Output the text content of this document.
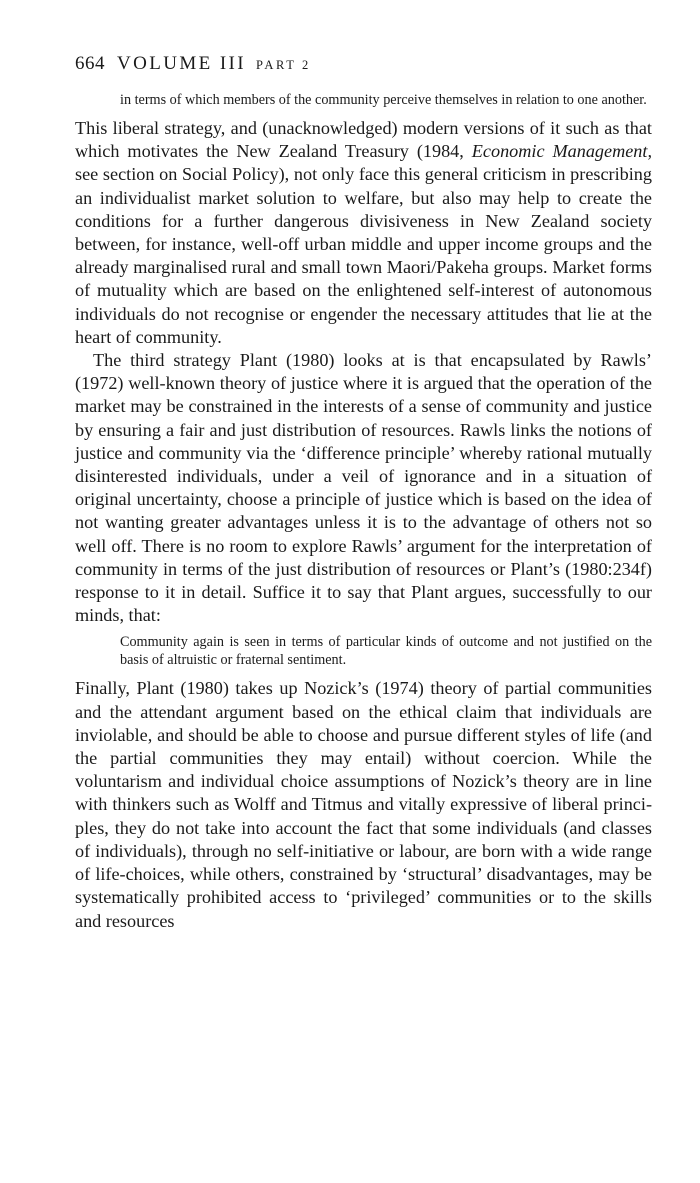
664 VOLUME III PART 2

in terms of which members of the community perceive themselves in relation to one another.

This liberal strategy, and (unacknowledged) modern versions of it such as that which motivates the New Zealand Treasury (1984, Economic Management, see section on Social Policy), not only face this general criticism in prescribing an individualist market solution to welfare, but also may help to create the conditions for a further dangerous divisiveness in New Zealand society between, for instance, well-off urban middle and upper income groups and the already marginalised rural and small town Maori/Pakeha groups. Market forms of mutuality which are based on the enlightened self-interest of autonomous individuals do not recognise or engender the necessary attitudes that lie at the heart of community.

The third strategy Plant (1980) looks at is that encapsulated by Rawls’ (1972) well-known theory of justice where it is argued that the operation of the market may be constrained in the interests of a sense of community and justice by ensuring a fair and just distribution of resources. Rawls links the notions of justice and community via the ‘difference principle’ whereby rational mutually disinterested individuals, under a veil of ignorance and in a situation of original uncertainty, choose a principle of justice which is based on the idea of not wanting greater advantages unless it is to the advantage of others not so well off. There is no room to explore Rawls’ argument for the interpretation of community in terms of the just distribution of resources or Plant’s (1980:234f) response to it in detail. Suffice it to say that Plant argues, successfully to our minds, that:

Community again is seen in terms of particular kinds of outcome and not justified on the basis of altruistic or fraternal sentiment.

Finally, Plant (1980) takes up Nozick’s (1974) theory of partial communities and the attendant argument based on the ethical claim that individuals are inviolable, and should be able to choose and pursue different styles of life (and the partial communities they may entail) without coercion. While the voluntarism and individual choice assumptions of Nozick’s theory are in line with thinkers such as Wolff and Titmus and vitally expressive of liberal principles, they do not take into account the fact that some individuals (and classes of individuals), through no self-initiative or labour, are born with a wide range of life-choices, while others, constrained by ‘structural’ disadvantages, may be systematically prohibited access to ‘privileged’ communities or to the skills and resources
